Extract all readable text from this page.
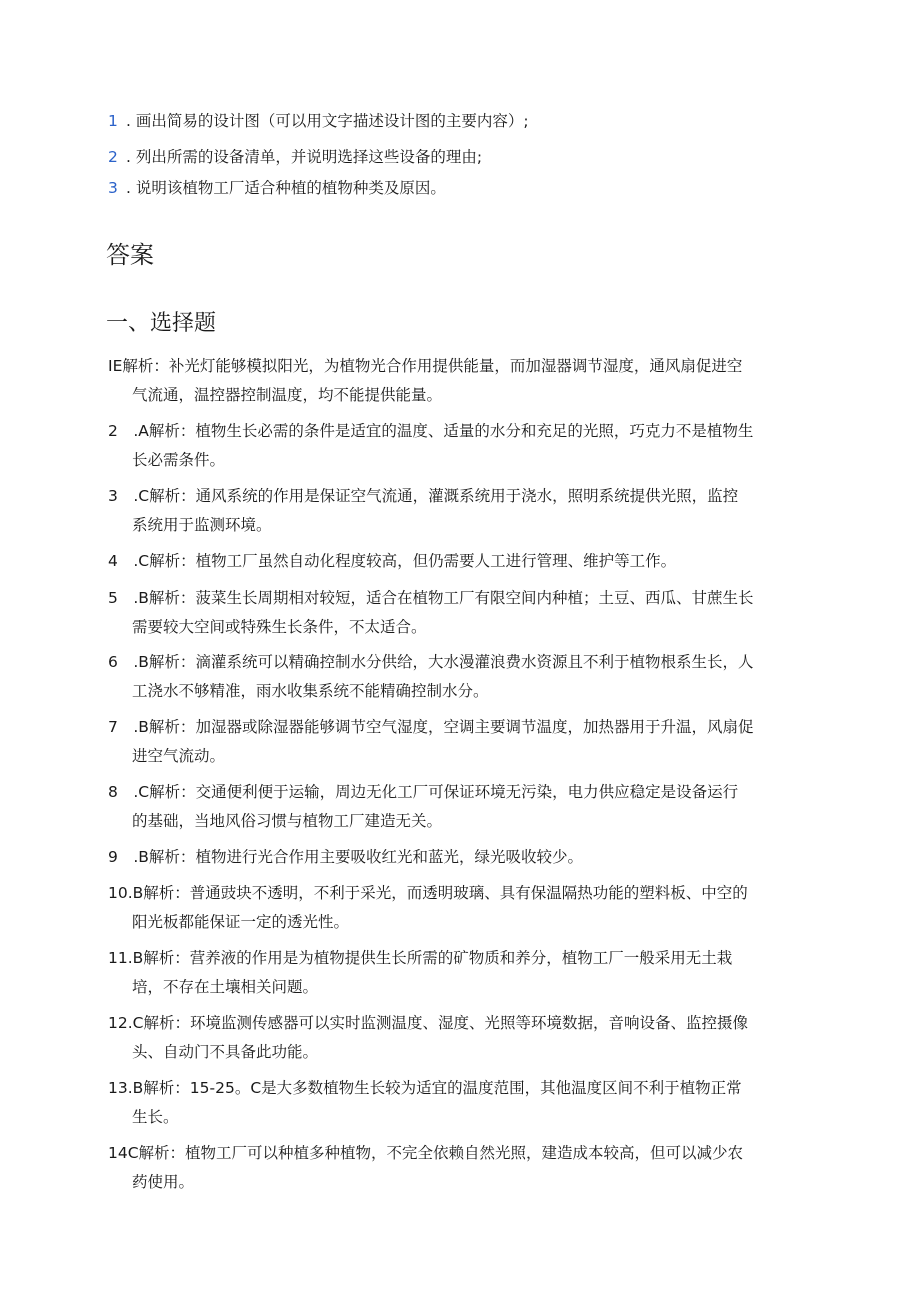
1 . 画出简易的设计图（可以用文字描述设计图的主要内容）;
2 . 列出所需的设备清单，并说明选择这些设备的理由;
3 . 说明该植物工厂适合种植的植物种类及原因。
答案
一、选择题
IE解析：补光灯能够模拟阳光，为植物光合作用提供能量，而加湿器调节湿度，通风扇促进空
气流通，温控器控制温度，均不能提供能量。
2　.A解析：植物生长必需的条件是适宜的温度、适量的水分和充足的光照，巧克力不是植物生
长必需条件。
3　.C解析：通风系统的作用是保证空气流通，灌溉系统用于浇水，照明系统提供光照，监控
系统用于监测环境。
4　.C解析：植物工厂虽然自动化程度较高，但仍需要人工进行管理、维护等工作。
5　.B解析：菠菜生长周期相对较短，适合在植物工厂有限空间内种植；土豆、西瓜、甘蔗生长
需要较大空间或特殊生长条件，不太适合。
6　.B解析：滴灌系统可以精确控制水分供给，大水漫灌浪费水资源且不利于植物根系生长，人
工浇水不够精准，雨水收集系统不能精确控制水分。
7　.B解析：加湿器或除湿器能够调节空气湿度，空调主要调节温度，加热器用于升温，风扇促
进空气流动。
8　.C解析：交通便利便于运输，周边无化工厂可保证环境无污染，电力供应稳定是设备运行
的基础，当地风俗习惯与植物工厂建造无关。
9　.B解析：植物进行光合作用主要吸收红光和蓝光，绿光吸收较少。
10.B解析：普通豉块不透明，不利于采光，而透明玻璃、具有保温隔热功能的塑料板、中空的
阳光板都能保证一定的透光性。
11.B解析：营养液的作用是为植物提供生长所需的矿物质和养分，植物工厂一般采用无土栽
培，不存在土壤相关问题。
12.C解析：环境监测传感器可以实时监测温度、湿度、光照等环境数据，音响设备、监控摄像
头、自动门不具备此功能。
13.B解析：15-25。C是大多数植物生长较为适宜的温度范围，其他温度区间不利于植物正常
生长。
14C解析：植物工厂可以种植多种植物，不完全依赖自然光照，建造成本较高，但可以减少农
药使用。
